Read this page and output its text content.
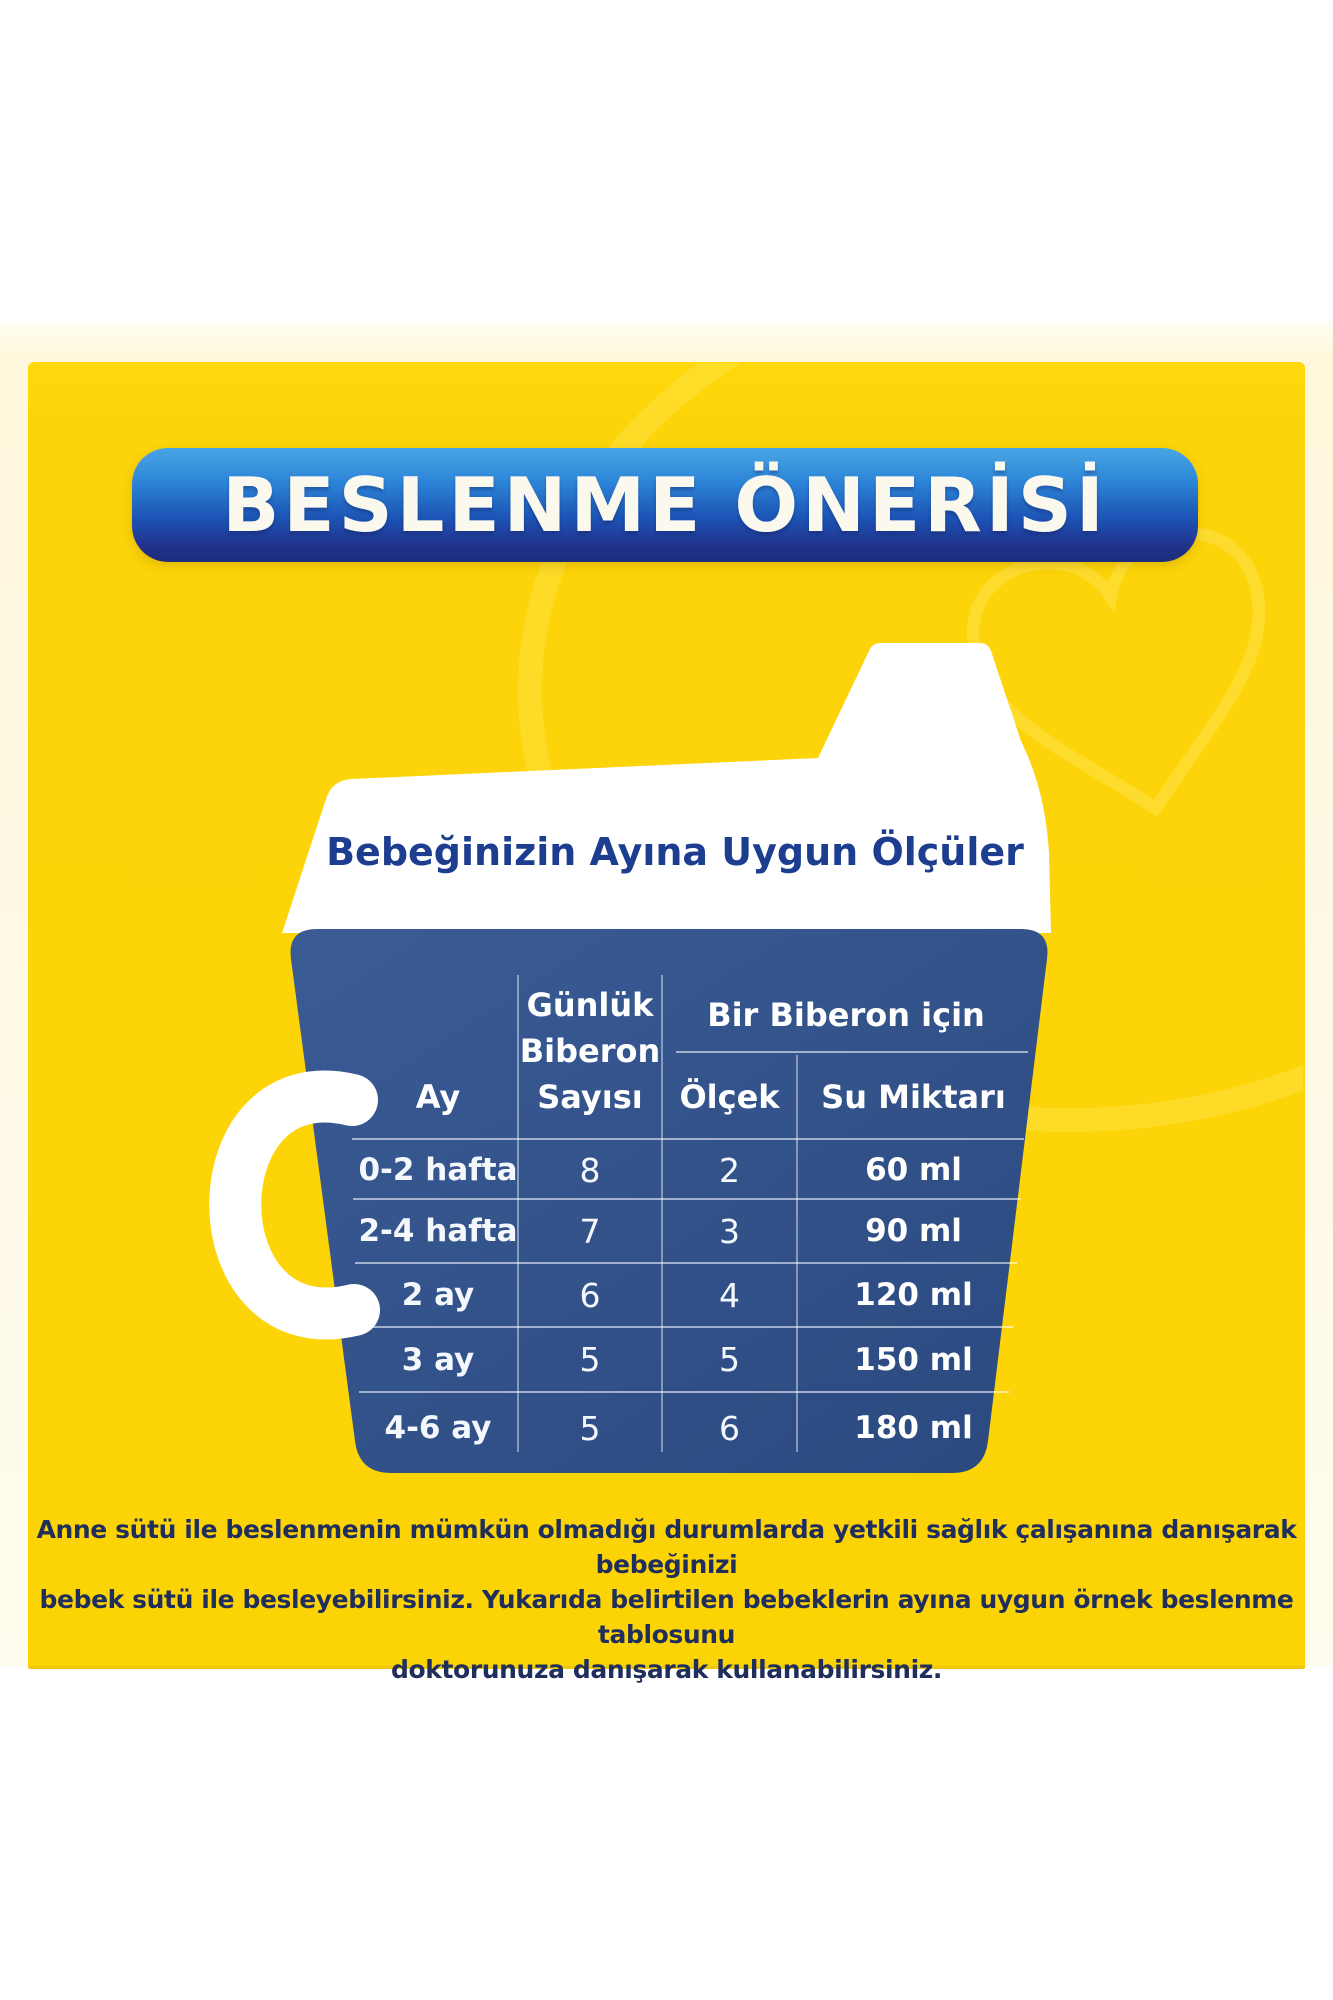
BESLENME ÖNERİSİ
Bebeğinizin Ayına Uygun Ölçüler
Ay
Günlük Biberon Sayısı
Bir Biberon için
Ölçek	Su Miktarı
0-2 hafta	8	2	60 ml
2-4 hafta	7	3	90 ml
2 ay	6	4	120 ml
3 ay	5	5	150 ml
4-6 ay	5	6	180 ml
Anne sütü ile beslenmenin mümkün olmadığı durumlarda yetkili sağlık çalışanına danışarak bebeğinizi
bebek sütü ile besleyebilirsiniz. Yukarıda belirtilen bebeklerin ayına uygun örnek beslenme tablosunu
doktorunuza danışarak kullanabilirsiniz.
